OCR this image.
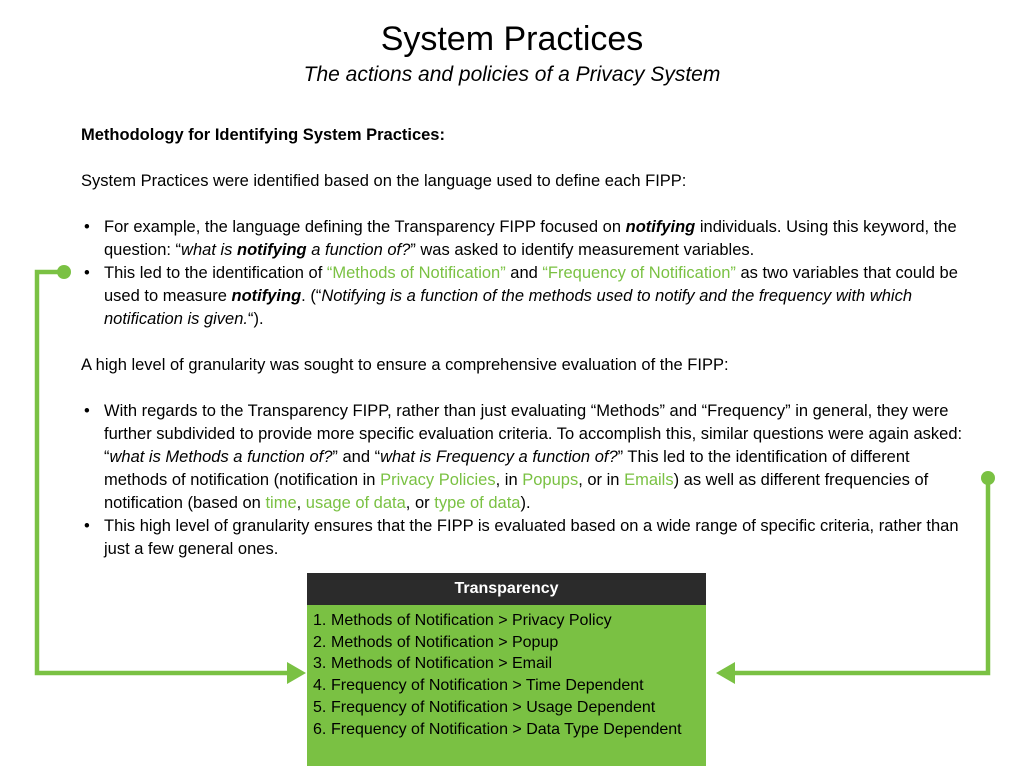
System Practices
The actions and policies of a Privacy System

Methodology for Identifying System Practices:

System Practices were identified based on the language used to define each FIPP:

• For example, the language defining the Transparency FIPP focused on notifying individuals. Using this keyword, the question: “what is notifying a function of?” was asked to identify measurement variables.
• This led to the identification of “Methods of Notification” and “Frequency of Notification” as two variables that could be used to measure notifying. (“Notifying is a function of the methods used to notify and the frequency with which notification is given.“).

A high level of granularity was sought to ensure a comprehensive evaluation of the FIPP:

• With regards to the Transparency FIPP, rather than just evaluating “Methods” and “Frequency” in general, they were further subdivided to provide more specific evaluation criteria. To accomplish this, similar questions were again asked: “what is Methods a function of?” and “what is Frequency a function of?” This led to the identification of different methods of notification (notification in Privacy Policies, in Popups, or in Emails) as well as different frequencies of notification (based on time, usage of data, or type of data).
• This high level of granularity ensures that the FIPP is evaluated based on a wide range of specific criteria, rather than just a few general ones.
Transparency
1. Methods of Notification > Privacy Policy
2. Methods of Notification > Popup
3. Methods of Notification > Email
4. Frequency of Notification > Time Dependent
5. Frequency of Notification > Usage Dependent
6. Frequency of Notification > Data Type Dependent
